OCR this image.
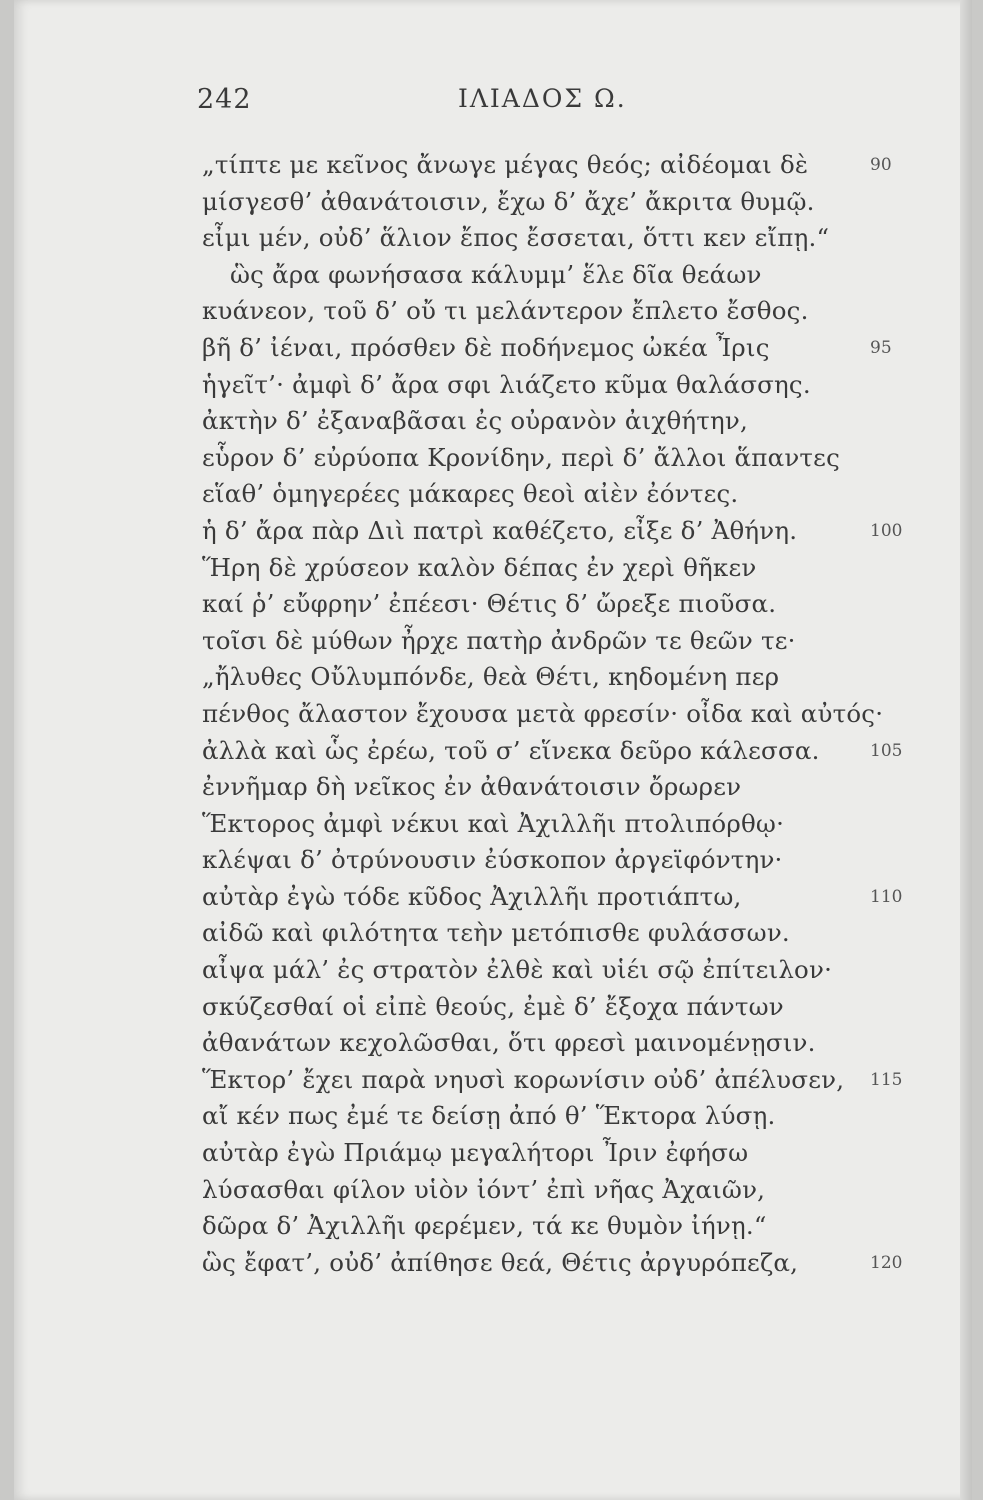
242	ΙΛΙΑΔΟΣ Ω.
„τίπτε με κεῖνος ἄνωγε μέγας θεός; αἰδέομαι δὲ	90
μίσγεσθ’ ἀθανάτοισιν, ἔχω δ’ ἄχε’ ἄκριτα θυμῷ.
εἶμι μέν, οὐδ’ ἅλιον ἔπος ἔσσεται, ὅττι κεν εἴπῃ.“
ὣς ἄρα φωνήσασα κάλυμμ’ ἕλε δῖα θεάων
κυάνεον, τοῦ δ’ οὔ τι μελάντερον ἔπλετο ἔσθος.
βῆ δ’ ἰέναι, πρόσθεν δὲ ποδήνεμος ὠκέα Ἶρις	95
ἡγεῖτ’· ἀμφὶ δ’ ἄρα σφι λιάζετο κῦμα θαλάσσης.
ἀκτὴν δ’ ἐξαναβᾶσαι ἐς οὐρανὸν ἀιχθήτην,
εὗρον δ’ εὐρύοπα Κρονίδην, περὶ δ’ ἄλλοι ἅπαντες
εἵαθ’ ὁμηγερέες μάκαρες θεοὶ αἰὲν ἐόντες.
ἡ δ’ ἄρα πὰρ Διὶ πατρὶ καθέζετο, εἶξε δ’ Ἀθήνη.	100
Ἥρη δὲ χρύσεον καλὸν δέπας ἐν χερὶ θῆκεν
καί ῥ’ εὔφρην’ ἐπέεσι· Θέτις δ’ ὤρεξε πιοῦσα.
τοῖσι δὲ μύθων ἦρχε πατὴρ ἀνδρῶν τε θεῶν τε·
„ἤλυθες Οὔλυμπόνδε, θεὰ Θέτι, κηδομένη περ
πένθος ἄλαστον ἔχουσα μετὰ φρεσίν· οἶδα καὶ αὐτός·
ἀλλὰ καὶ ὧς ἐρέω, τοῦ σ’ εἵνεκα δεῦρο κάλεσσα.	105
ἐννῆμαρ δὴ νεῖκος ἐν ἀθανάτοισιν ὄρωρεν
Ἕκτορος ἀμφὶ νέκυι καὶ Ἀχιλλῆι πτολιπόρθῳ·
κλέψαι δ’ ὀτρύνουσιν ἐύσκοπον ἀργεϊφόντην·
αὐτὰρ ἐγὼ τόδε κῦδος Ἀχιλλῆι προτιάπτω,	110
αἰδῶ καὶ φιλότητα τεὴν μετόπισθε φυλάσσων.
αἶψα μάλ’ ἐς στρατὸν ἐλθὲ καὶ υἱέι σῷ ἐπίτειλον·
σκύζεσθαί οἱ εἰπὲ θεούς, ἐμὲ δ’ ἔξοχα πάντων
ἀθανάτων κεχολῶσθαι, ὅτι φρεσὶ μαινομένῃσιν.
Ἕκτορ’ ἔχει παρὰ νηυσὶ κορωνίσιν οὐδ’ ἀπέλυσεν, 115
αἴ κέν πως ἐμέ τε δείσῃ ἀπό θ’ Ἕκτορα λύσῃ.
αὐτὰρ ἐγὼ Πριάμῳ μεγαλήτορι Ἶριν ἐφήσω
λύσασθαι φίλον υἱὸν ἰόντ’ ἐπὶ νῆας Ἀχαιῶν,
δῶρα δ’ Ἀχιλλῆι φερέμεν, τά κε θυμὸν ἰήνῃ.“
ὣς ἔφατ’, οὐδ’ ἀπίθησε θεά, Θέτις ἀργυρόπεζα,	120
